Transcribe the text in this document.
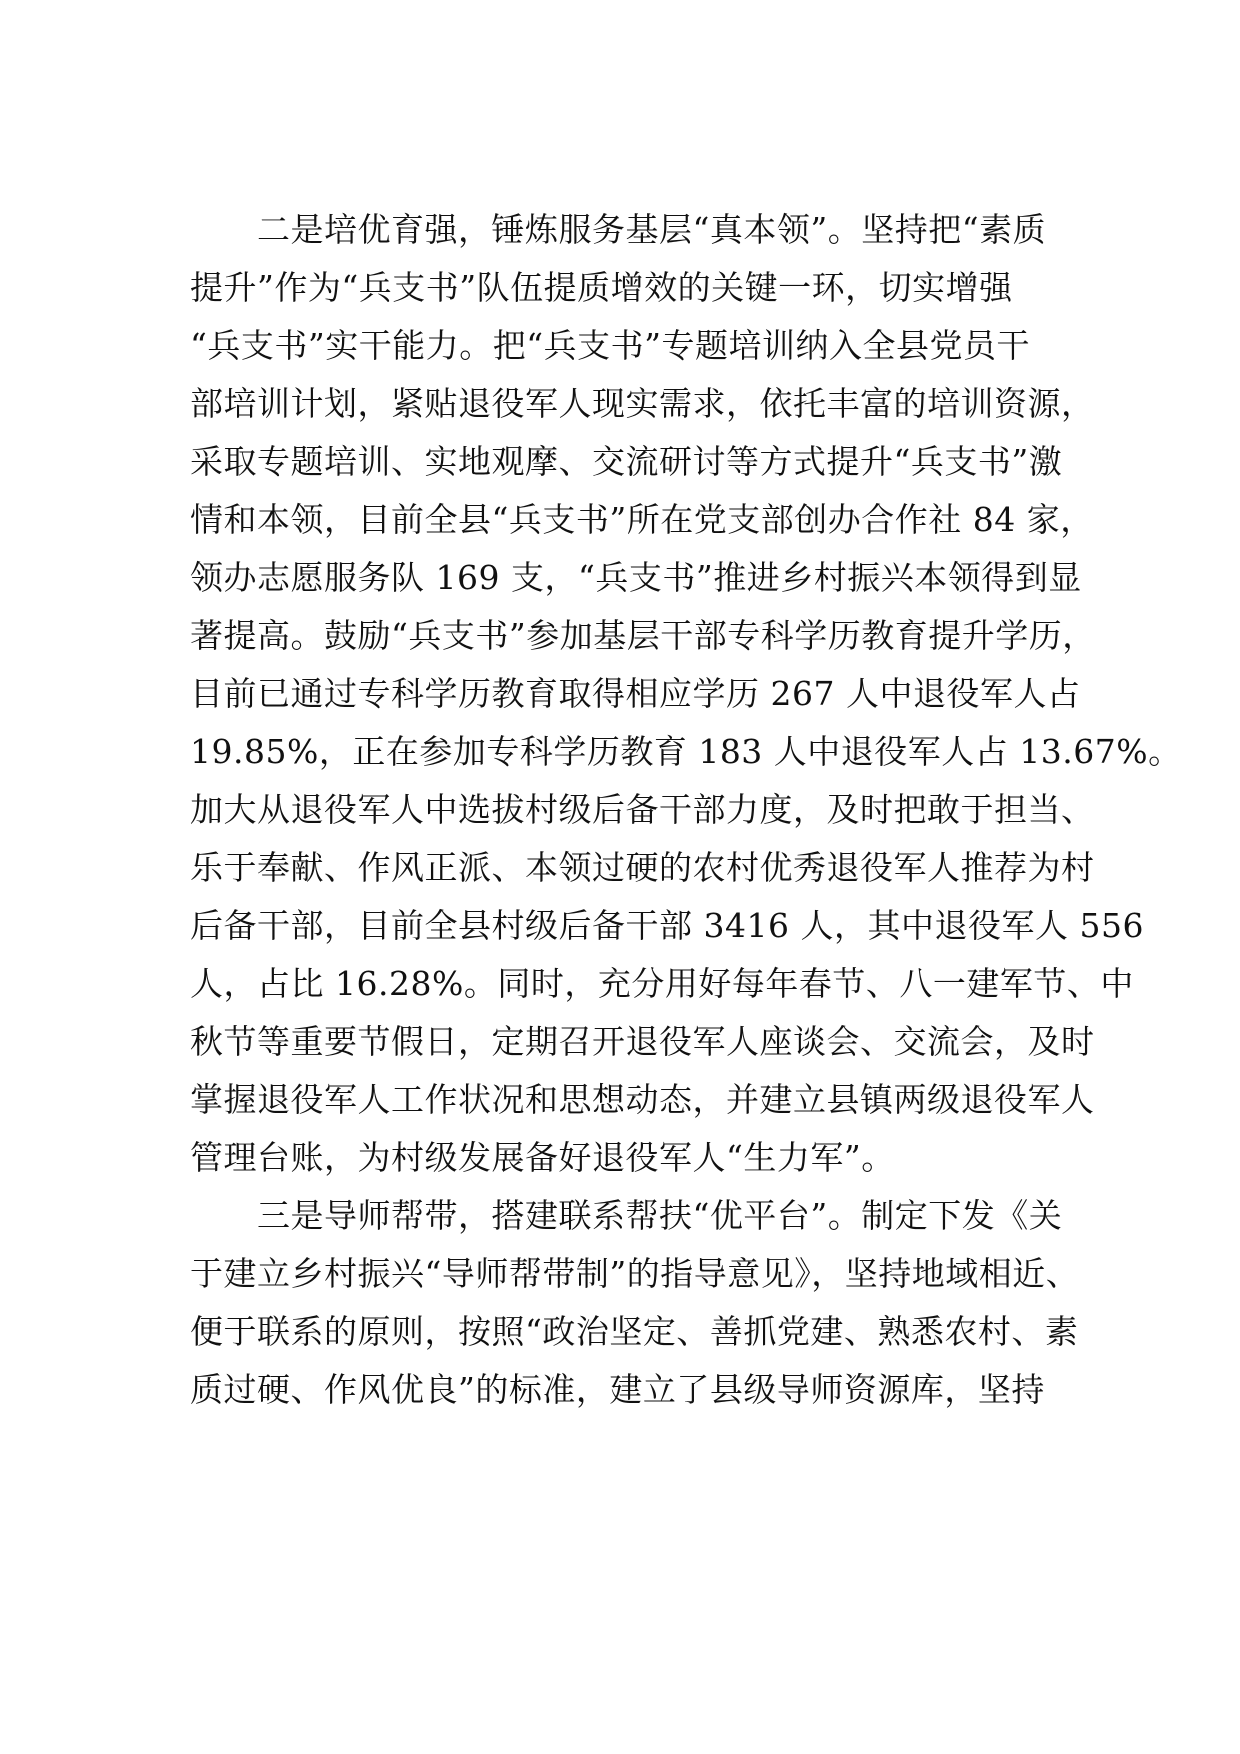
　　二是培优育强，锤炼服务基层“真本领”。坚持把“素质
提升”作为“兵支书”队伍提质增效的关键一环，切实增强
“兵支书”实干能力。把“兵支书”专题培训纳入全县党员干
部培训计划，紧贴退役军人现实需求，依托丰富的培训资源，
采取专题培训、实地观摩、交流研讨等方式提升“兵支书”激
情和本领，目前全县“兵支书”所在党支部创办合作社 84 家，
领办志愿服务队 169 支，“兵支书”推进乡村振兴本领得到显
著提高。鼓励“兵支书”参加基层干部专科学历教育提升学历，
目前已通过专科学历教育取得相应学历 267 人中退役军人占
19.85%，正在参加专科学历教育 183 人中退役军人占 13.67%。
加大从退役军人中选拔村级后备干部力度，及时把敢于担当、
乐于奉献、作风正派、本领过硬的农村优秀退役军人推荐为村
后备干部，目前全县村级后备干部 3416 人，其中退役军人 556
人，占比 16.28%。同时，充分用好每年春节、八一建军节、中
秋节等重要节假日，定期召开退役军人座谈会、交流会，及时
掌握退役军人工作状况和思想动态，并建立县镇两级退役军人
管理台账，为村级发展备好退役军人“生力军”。
　　三是导师帮带，搭建联系帮扶“优平台”。制定下发《关
于建立乡村振兴“导师帮带制”的指导意见》，坚持地域相近、
便于联系的原则，按照“政治坚定、善抓党建、熟悉农村、素
质过硬、作风优良”的标准，建立了县级导师资源库，坚持
